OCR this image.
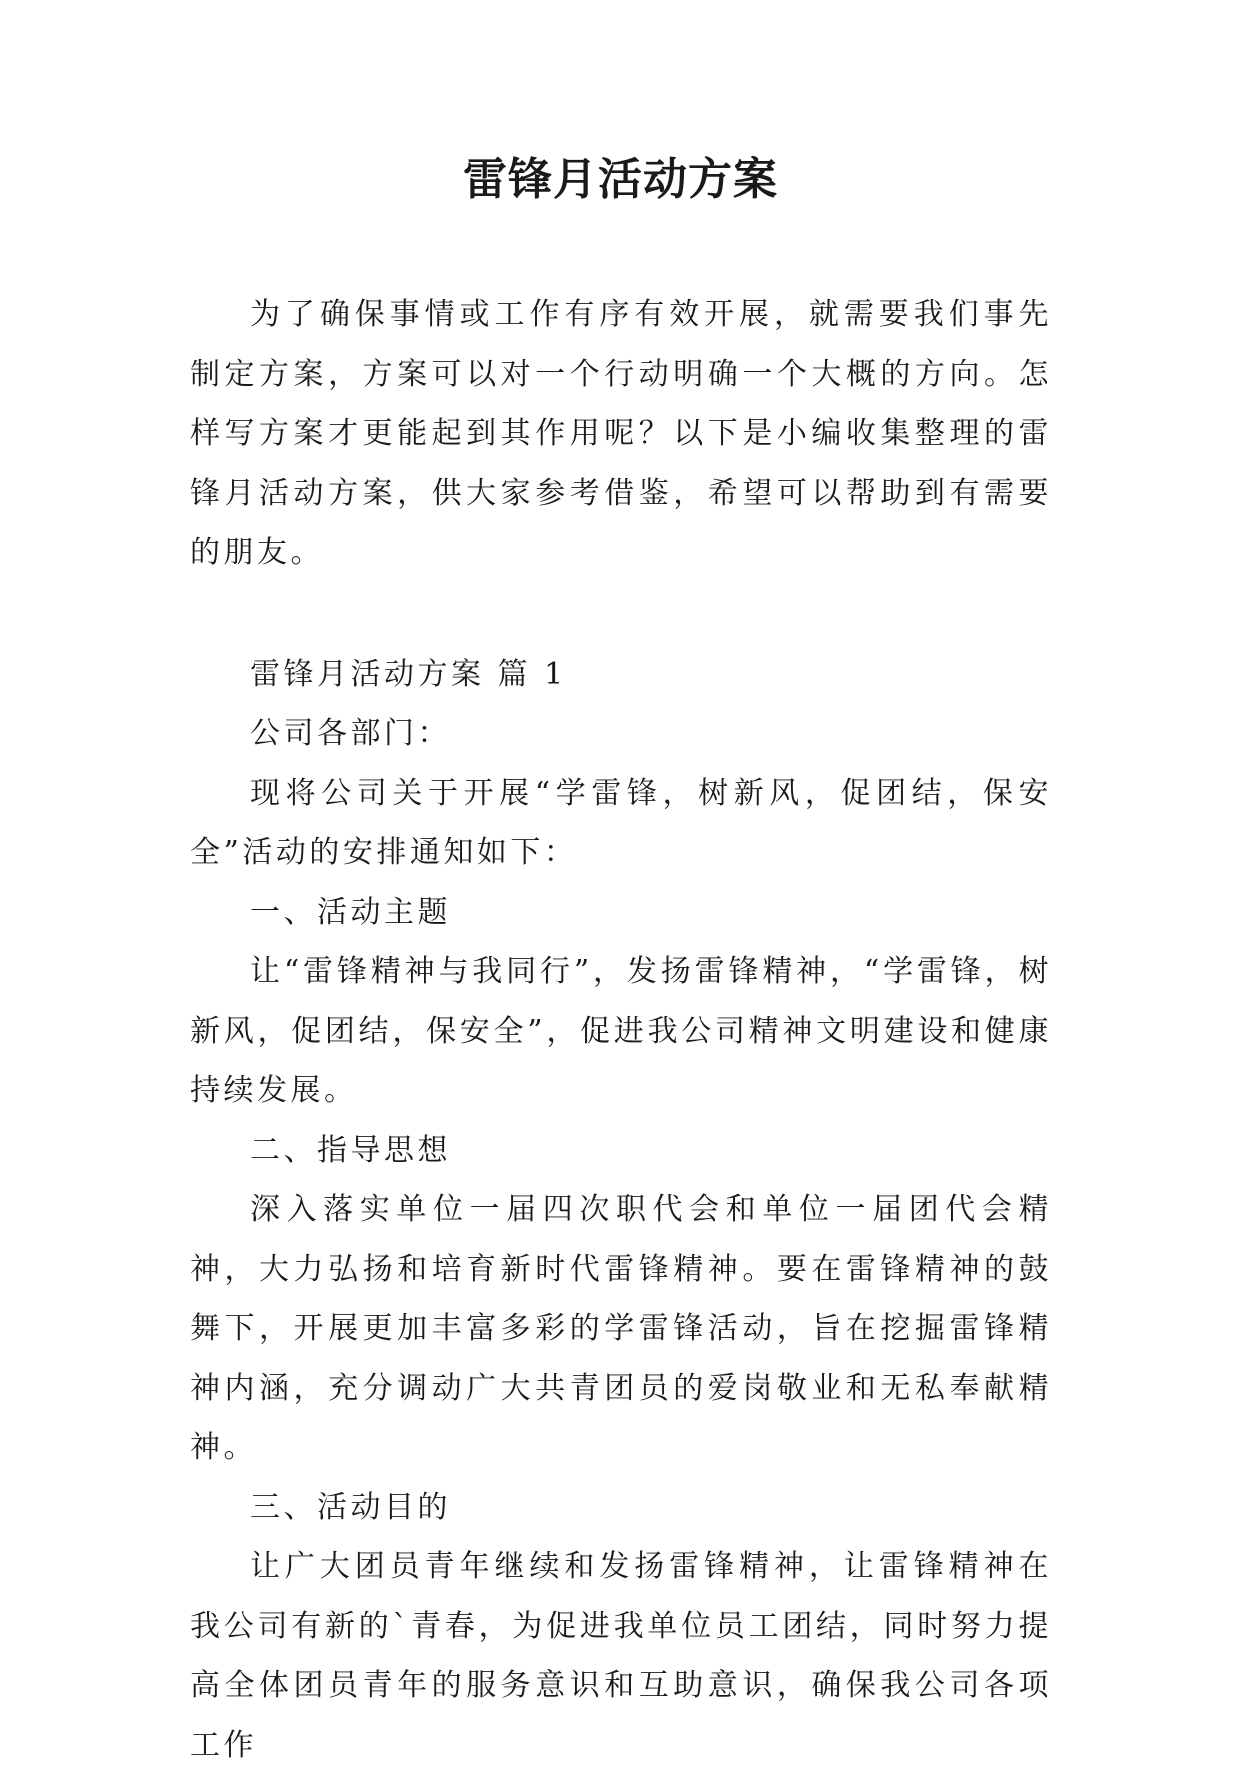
雷锋月活动方案

为了确保事情或工作有序有效开展，就需要我们事先制定方案，方案可以对一个行动明确一个大概的方向。怎样写方案才更能起到其作用呢？以下是小编收集整理的雷锋月活动方案，供大家参考借鉴，希望可以帮助到有需要的朋友。

雷锋月活动方案 篇 1

公司各部门：

现将公司关于开展“学雷锋，树新风，促团结，保安全”活动的安排通知如下：

一、活动主题

让“雷锋精神与我同行”，发扬雷锋精神，“学雷锋，树新风，促团结，保安全”，促进我公司精神文明建设和健康持续发展。

二、指导思想

深入落实单位一届四次职代会和单位一届团代会精神，大力弘扬和培育新时代雷锋精神。要在雷锋精神的鼓舞下，开展更加丰富多彩的学雷锋活动，旨在挖掘雷锋精神内涵，充分调动广大共青团员的爱岗敬业和无私奉献精神。

三、活动目的

让广大团员青年继续和发扬雷锋精神，让雷锋精神在我公司有新的`青春，为促进我单位员工团结，同时努力提高全体团员青年的服务意识和互助意识，确保我公司各项工作
